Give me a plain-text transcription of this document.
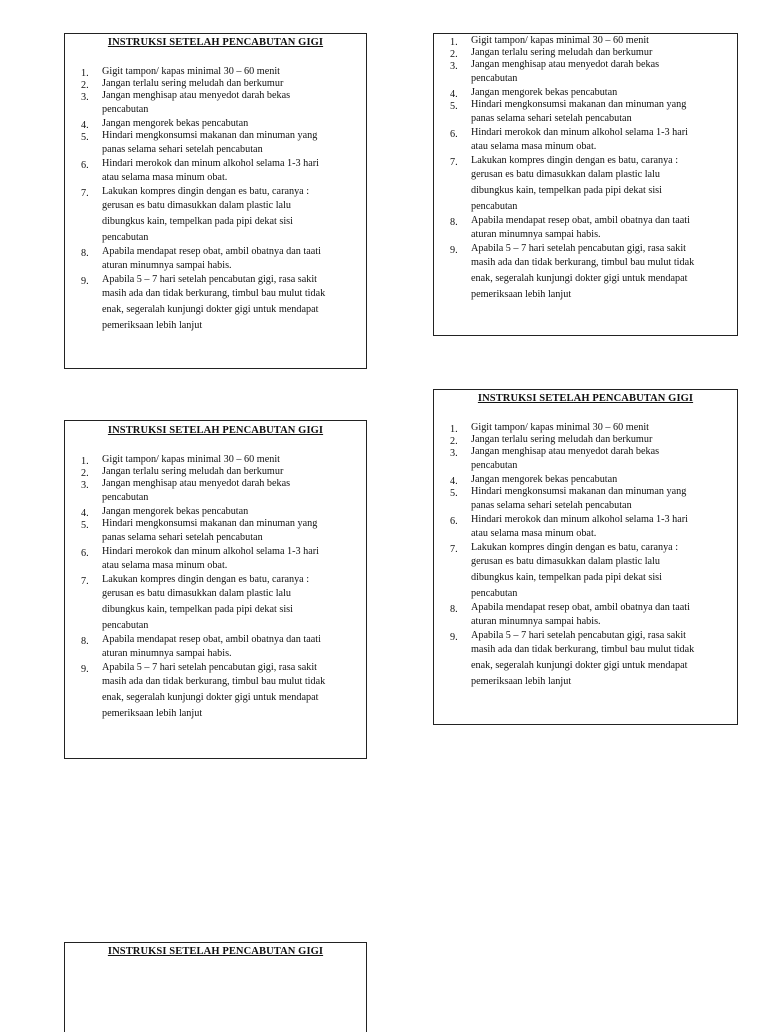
INSTRUKSI SETELAH PENCABUTAN GIGI
1. Gigit tampon/ kapas minimal 30 – 60 menit
2. Jangan terlalu sering meludah dan berkumur
3. Jangan menghisap atau menyedot darah bekas
pencabutan
4. Jangan mengorek bekas pencabutan
5. Hindari mengkonsumsi makanan dan minuman yang
panas selama sehari setelah pencabutan
6. Hindari merokok dan minum alkohol selama 1-3 hari
atau selama masa minum obat.
7. Lakukan kompres dingin dengan es batu, caranya :
gerusan es batu dimasukkan dalam plastic lalu
dibungkus kain, tempelkan pada pipi dekat sisi
pencabutan
8. Apabila mendapat resep obat, ambil obatnya dan taati
aturan minumnya sampai habis.
9. Apabila 5 – 7 hari setelah pencabutan gigi, rasa sakit
masih ada dan tidak berkurang, timbul bau mulut tidak
enak, segeralah kunjungi dokter gigi untuk mendapat
pemeriksaan lebih lanjut
1. Gigit tampon/ kapas minimal 30 – 60 menit
2. Jangan terlalu sering meludah dan berkumur
3. Jangan menghisap atau menyedot darah bekas
pencabutan
4. Jangan mengorek bekas pencabutan
5. Hindari mengkonsumsi makanan dan minuman yang
panas selama sehari setelah pencabutan
6. Hindari merokok dan minum alkohol selama 1-3 hari
atau selama masa minum obat.
7. Lakukan kompres dingin dengan es batu, caranya :
gerusan es batu dimasukkan dalam plastic lalu
dibungkus kain, tempelkan pada pipi dekat sisi
pencabutan
8. Apabila mendapat resep obat, ambil obatnya dan taati
aturan minumnya sampai habis.
9. Apabila 5 – 7 hari setelah pencabutan gigi, rasa sakit
masih ada dan tidak berkurang, timbul bau mulut tidak
enak, segeralah kunjungi dokter gigi untuk mendapat
pemeriksaan lebih lanjut
INSTRUKSI SETELAH PENCABUTAN GIGI
1. Gigit tampon/ kapas minimal 30 – 60 menit
2. Jangan terlalu sering meludah dan berkumur
3. Jangan menghisap atau menyedot darah bekas
pencabutan
4. Jangan mengorek bekas pencabutan
5. Hindari mengkonsumsi makanan dan minuman yang
panas selama sehari setelah pencabutan
6. Hindari merokok dan minum alkohol selama 1-3 hari
atau selama masa minum obat.
7. Lakukan kompres dingin dengan es batu, caranya :
gerusan es batu dimasukkan dalam plastic lalu
dibungkus kain, tempelkan pada pipi dekat sisi
pencabutan
8. Apabila mendapat resep obat, ambil obatnya dan taati
aturan minumnya sampai habis.
9. Apabila 5 – 7 hari setelah pencabutan gigi, rasa sakit
masih ada dan tidak berkurang, timbul bau mulut tidak
enak, segeralah kunjungi dokter gigi untuk mendapat
pemeriksaan lebih lanjut
INSTRUKSI SETELAH PENCABUTAN GIGI
1. Gigit tampon/ kapas minimal 30 – 60 menit
2. Jangan terlalu sering meludah dan berkumur
3. Jangan menghisap atau menyedot darah bekas
pencabutan
4. Jangan mengorek bekas pencabutan
5. Hindari mengkonsumsi makanan dan minuman yang
panas selama sehari setelah pencabutan
6. Hindari merokok dan minum alkohol selama 1-3 hari
atau selama masa minum obat.
7. Lakukan kompres dingin dengan es batu, caranya :
gerusan es batu dimasukkan dalam plastic lalu
dibungkus kain, tempelkan pada pipi dekat sisi
pencabutan
8. Apabila mendapat resep obat, ambil obatnya dan taati
aturan minumnya sampai habis.
9. Apabila 5 – 7 hari setelah pencabutan gigi, rasa sakit
masih ada dan tidak berkurang, timbul bau mulut tidak
enak, segeralah kunjungi dokter gigi untuk mendapat
pemeriksaan lebih lanjut
INSTRUKSI SETELAH PENCABUTAN GIGI
